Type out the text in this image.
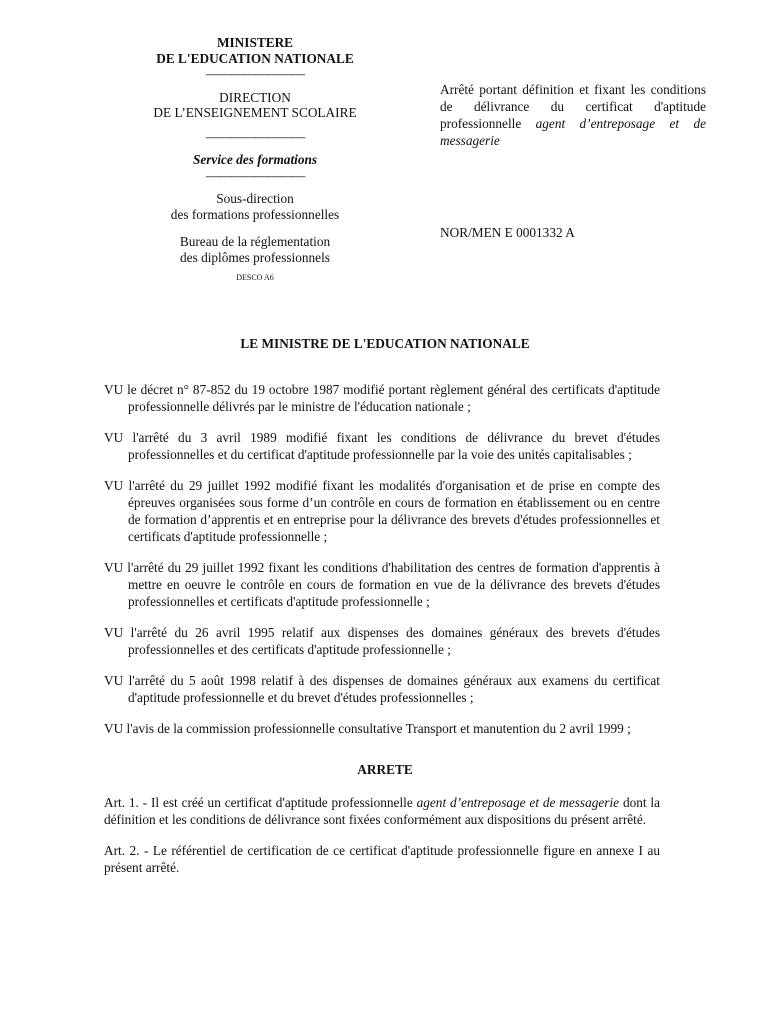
MINISTERE
DE L'EDUCATION NATIONALE
————————
DIRECTION
DE L’ENSEIGNEMENT SCOLAIRE
————————
Service des formations
————————
Sous-direction
des formations professionnelles
Bureau de la réglementation
des diplômes professionnels
DESCO A6
Arrêté portant définition et fixant les conditions de délivrance du certificat d'aptitude professionnelle agent d’entreposage et de messagerie
NOR/MEN E 0001332 A
LE MINISTRE DE L'EDUCATION NATIONALE

VU le décret n° 87-852 du 19 octobre 1987 modifié portant règlement général des certificats d'aptitude professionnelle délivrés par le ministre de l'éducation nationale ;

VU l'arrêté du 3 avril 1989 modifié fixant les conditions de délivrance du brevet d'études professionnelles et du certificat d'aptitude professionnelle par la voie des unités capitalisables ;

VU l'arrêté du 29 juillet 1992 modifié fixant les modalités d'organisation et de prise en compte des épreuves organisées sous forme d’un contrôle en cours de formation en établissement ou en centre de formation d’apprentis et en entreprise pour la délivrance des brevets d'études professionnelles et certificats d'aptitude professionnelle ;

VU l'arrêté du 29 juillet 1992 fixant les conditions d'habilitation des centres de formation d'apprentis à mettre en oeuvre le contrôle en cours de formation en vue de la délivrance des brevets d'études professionnelles et certificats d'aptitude professionnelle ;

VU l'arrêté du 26 avril 1995 relatif aux dispenses des domaines généraux des brevets d'études professionnelles et des certificats d'aptitude professionnelle ;

VU l'arrêté du 5 août 1998 relatif à des dispenses de domaines généraux aux examens du certificat d'aptitude professionnelle et du brevet d'études professionnelles ;

VU l'avis de la commission professionnelle consultative Transport et manutention du 2 avril 1999 ;

ARRETE

Art. 1. - Il est créé un certificat d'aptitude professionnelle agent d’entreposage et de messagerie dont la définition et les conditions de délivrance sont fixées conformément aux dispositions du présent arrêté.

Art. 2. - Le référentiel de certification de ce certificat d'aptitude professionnelle figure en annexe I au présent arrêté.
